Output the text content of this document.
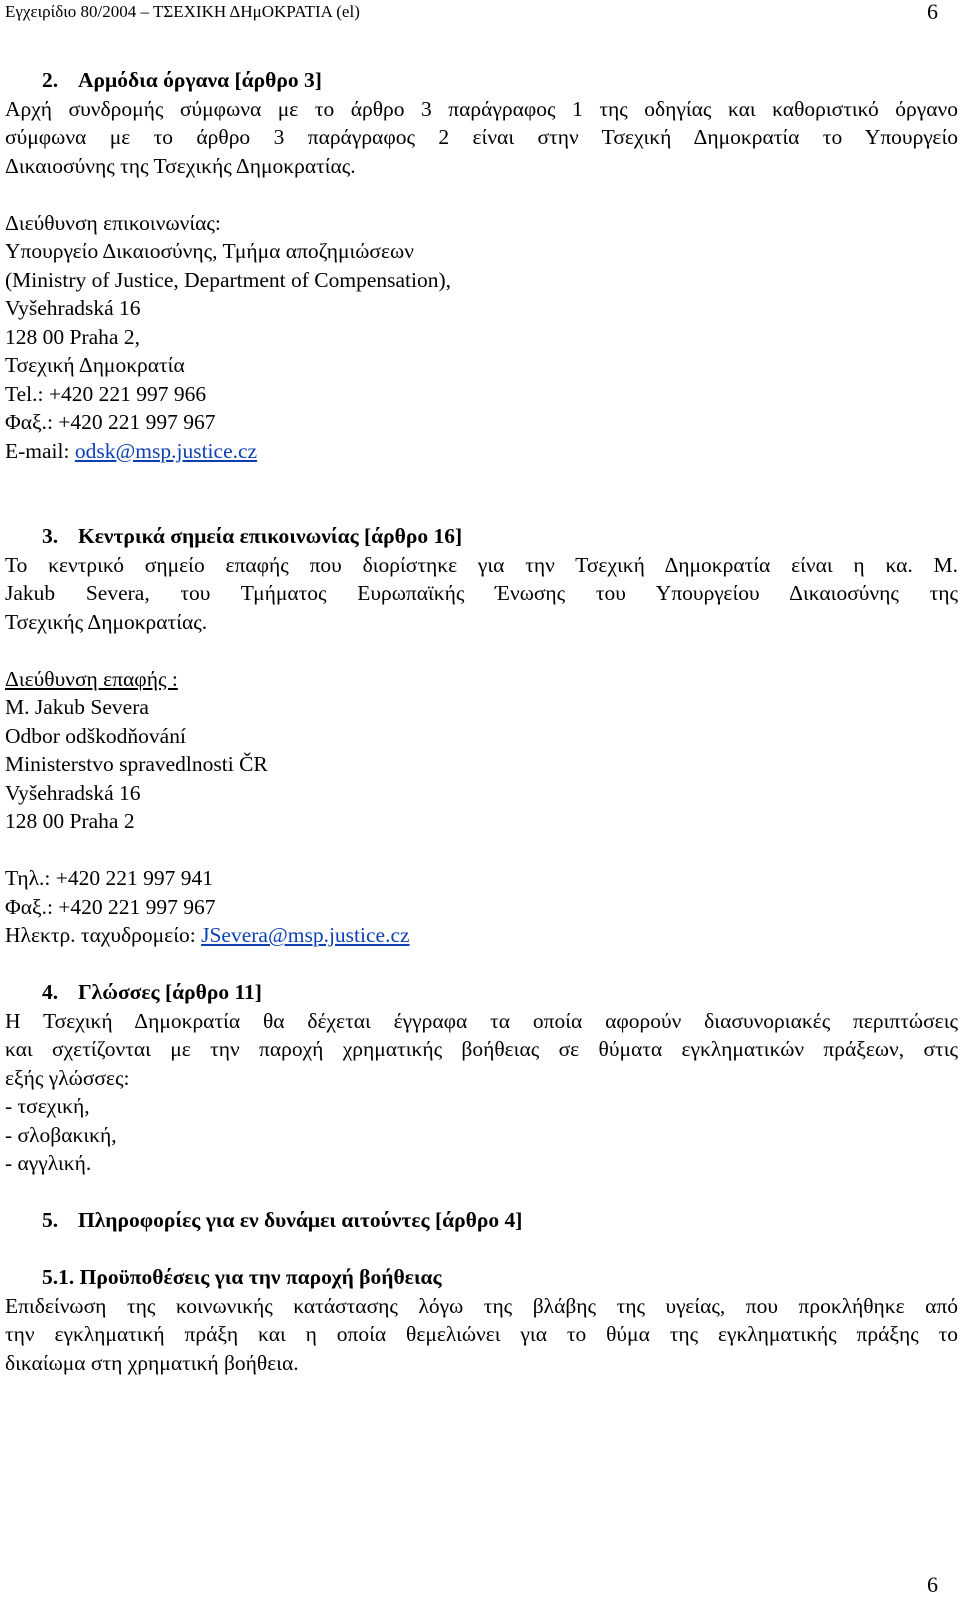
Εγχειρίδιο 80/2004 – ΤΣΕΧΙΚΗ ΔΗμΟΚΡΑΤΙΑ (el)	6
2. Αρμόδια όργανα [άρθρο 3]
Αρχή συνδρομής σύμφωνα με το άρθρο 3 παράγραφος 1 της οδηγίας και καθοριστικό όργανο
σύμφωνα με το άρθρο 3 παράγραφος 2 είναι στην Τσεχική Δημοκρατία το Υπουργείο
Δικαιοσύνης της Τσεχικής Δημοκρατίας.
Διεύθυνση επικοινωνίας:
Υπουργείο Δικαιοσύνης, Τμήμα αποζημιώσεων
(Ministry of Justice, Department of Compensation),
Vyšehradská 16
128 00 Praha 2,
Τσεχική Δημοκρατία
Tel.: +420 221 997 966
Φαξ.: +420 221 997 967
E-mail: odsk@msp.justice.cz
3. Κεντρικά σημεία επικοινωνίας [άρθρο 16]
Το κεντρικό σημείο επαφής που διορίστηκε για την Τσεχική Δημοκρατία είναι η κα. M.
Jakub Severa, του Τμήματος Ευρωπαϊκής Ένωσης του Υπουργείου Δικαιοσύνης της
Τσεχικής Δημοκρατίας.
Διεύθυνση επαφής :
M. Jakub Severa
Odbor odškodňování
Ministerstvo spravedlnosti ČR
Vyšehradská 16
128 00 Praha 2
Τηλ.: +420 221 997 941
Φαξ.: +420 221 997 967
Ηλεκτρ. ταχυδρομείο: JSevera@msp.justice.cz
4. Γλώσσες [άρθρο 11]
Η Τσεχική Δημοκρατία θα δέχεται έγγραφα τα οποία αφορούν διασυνοριακές περιπτώσεις
και σχετίζονται με την παροχή χρηματικής βοήθειας σε θύματα εγκληματικών πράξεων, στις
εξής γλώσσες:
- τσεχική,
- σλοβακική,
- αγγλική.
5. Πληροφορίες για εν δυνάμει αιτούντες [άρθρο 4]
5.1. Προϋποθέσεις για την παροχή βοήθειας
Επιδείνωση της κοινωνικής κατάστασης λόγω της βλάβης της υγείας, που προκλήθηκε από
την εγκληματική πράξη και η οποία θεμελιώνει για το θύμα της εγκληματικής πράξης το
δικαίωμα στη χρηματική βοήθεια.
6
